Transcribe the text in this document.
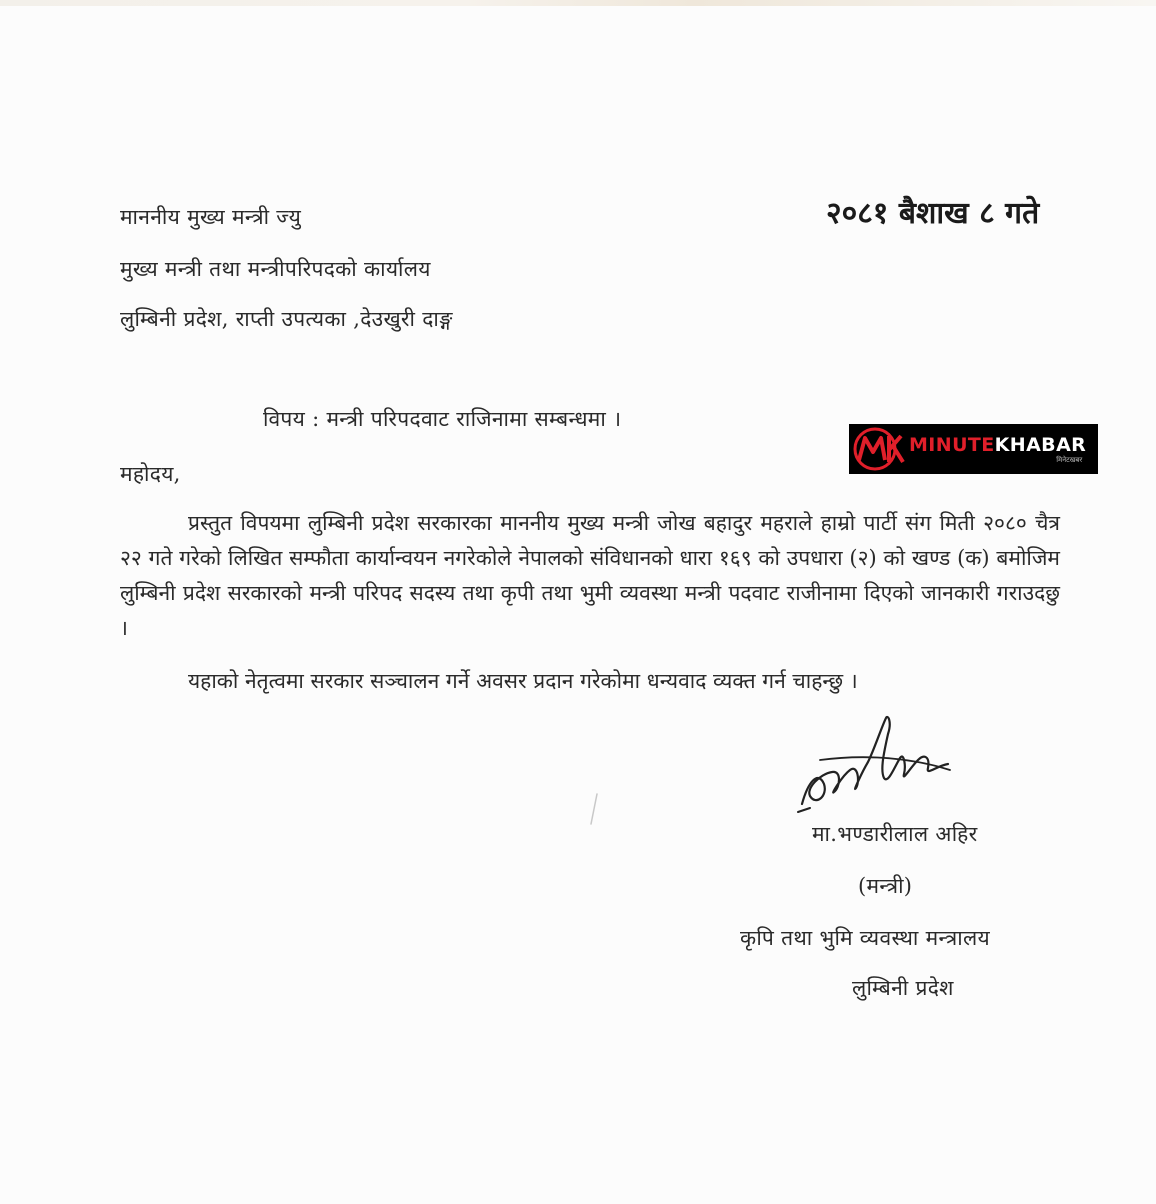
२०८१ बैशाख ८ गते
माननीय मुख्य मन्त्री ज्यु
मुख्य मन्त्री तथा मन्त्रीपरिपदको कार्यालय
लुम्बिनी प्रदेश, राप्ती उपत्यका ,देउखुरी दाङ्ग
विपय : मन्त्री परिपदवाट राजिनामा सम्बन्धमा ।
MINUTEKHABAR
मिनेटखबर
महोदय,
प्रस्तुत विपयमा लुम्बिनी प्रदेश सरकारका माननीय मुख्य मन्त्री जोख बहादुर महराले हाम्रो पार्टी संग मिती २०८० चैत्र २२ गते गरेको लिखित सम्फौता कार्यान्वयन नगरेकोले नेपालको संविधानको धारा १६९ को उपधारा (२) को खण्ड (क) बमोजिम लुम्बिनी प्रदेश सरकारको मन्त्री परिपद सदस्य तथा कृपी तथा भुमी व्यवस्था मन्त्री पदवाट राजीनामा दिएको जानकारी गराउदछु ।
यहाको नेतृत्वमा सरकार सञ्चालन गर्ने अवसर प्रदान गरेकोमा धन्यवाद व्यक्त गर्न चाहन्छु ।
मा.भण्डारीलाल अहिर
(मन्त्री)
कृपि तथा भुमि व्यवस्था मन्त्रालय
लुम्बिनी प्रदेश
